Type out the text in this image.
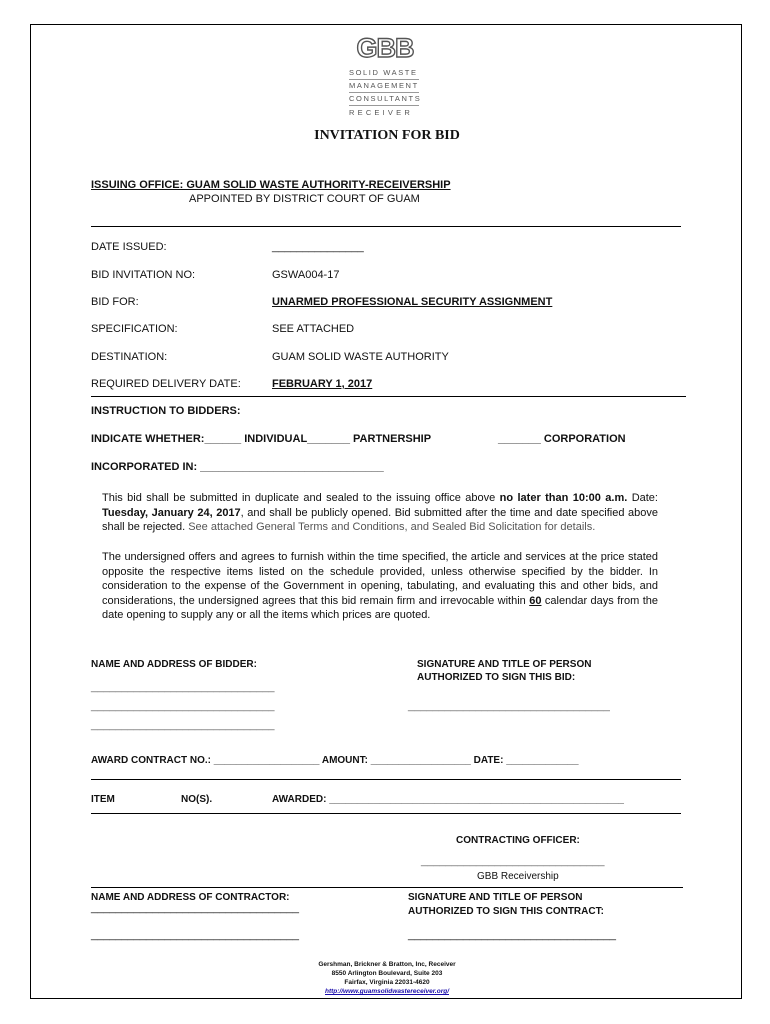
GBB
SOLID WASTE
MANAGEMENT
CONSULTANTS
RECEIVER
INVITATION FOR BID
ISSUING OFFICE: GUAM SOLID WASTE AUTHORITY-RECEIVERSHIP
APPOINTED BY DISTRICT COURT OF GUAM
DATE ISSUED:	_______________
BID INVITATION NO:	GSWA004-17
BID FOR:	UNARMED PROFESSIONAL SECURITY ASSIGNMENT
SPECIFICATION:	SEE ATTACHED
DESTINATION:	GUAM SOLID WASTE AUTHORITY
REQUIRED DELIVERY DATE:	FEBRUARY 1, 2017
INSTRUCTION TO BIDDERS:
INDICATE WHETHER:______ INDIVIDUAL_______ PARTNERSHIP	_______ CORPORATION
INCORPORATED IN: ______________________________
This bid shall be submitted in duplicate and sealed to the issuing office above no later than 10:00 a.m. Date: Tuesday, January 24, 2017, and shall be publicly opened. Bid submitted after the time and date specified above shall be rejected. See attached General Terms and Conditions, and Sealed Bid Solicitation for details.
The undersigned offers and agrees to furnish within the time specified, the article and services at the price stated opposite the respective items listed on the schedule provided, unless otherwise specified by the bidder. In consideration to the expense of the Government in opening, tabulating, and evaluating this and other bids, and considerations, the undersigned agrees that this bid remain firm and irrevocable within 60 calendar days from the date opening to supply any or all the items which prices are quoted.
NAME AND ADDRESS OF BIDDER:	SIGNATURE AND TITLE OF PERSON
AUTHORIZED TO SIGN THIS BID:
______________________________
______________________________	_________________________________
______________________________
AWARD CONTRACT NO.: ___________________ AMOUNT: __________________ DATE: _____________
ITEM	NO(S).	AWARDED: _____________________________________________________
CONTRACTING OFFICER:
______________________________
GBB Receivership
NAME AND ADDRESS OF CONTRACTOR:	SIGNATURE AND TITLE OF PERSON
AUTHORIZED TO SIGN THIS CONTRACT:
__________________________________
__________________________________	__________________________________
Gershman, Brickner & Bratton, Inc, Receiver
8550 Arlington Boulevard, Suite 203
Fairfax, Virginia 22031-4620
http://www.guamsolidwastereceiver.org/
